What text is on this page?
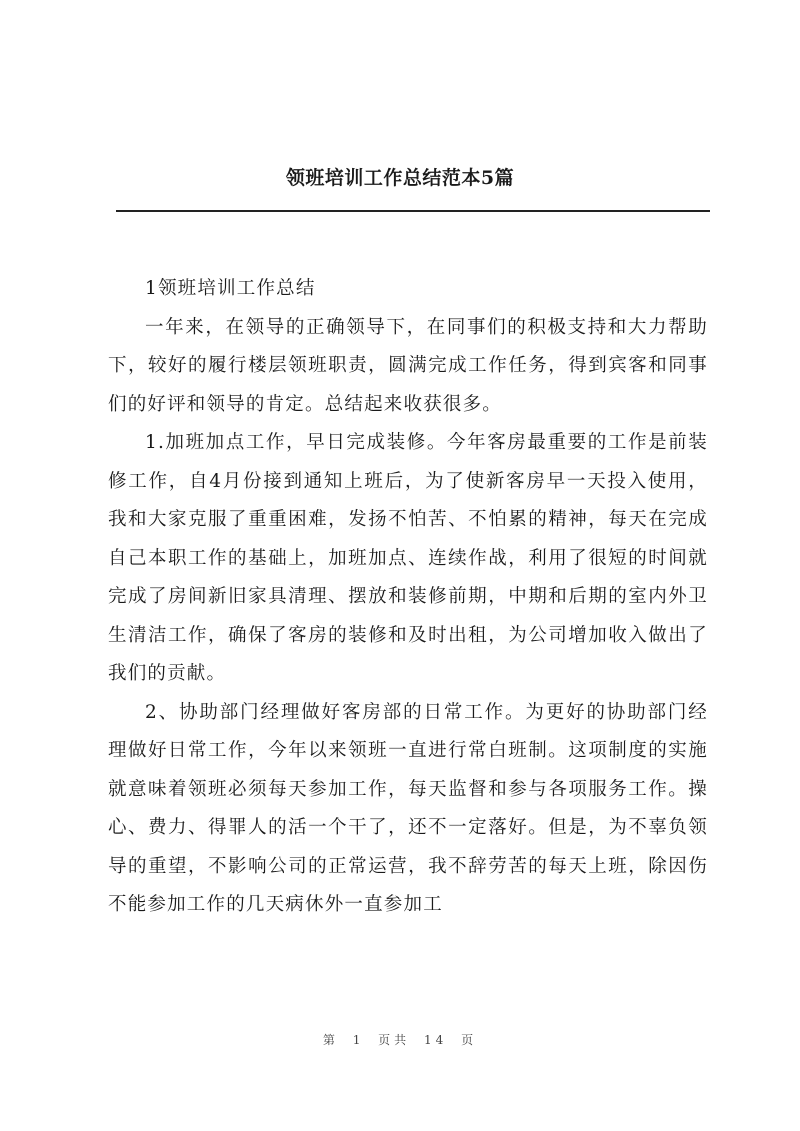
领班培训工作总结范本5篇

1领班培训工作总结

一年来，在领导的正确领导下，在同事们的积极支持和大力帮助下，较好的履行楼层领班职责，圆满完成工作任务，得到宾客和同事们的好评和领导的肯定。总结起来收获很多。

1.加班加点工作，早日完成装修。今年客房最重要的工作是前装修工作，自4月份接到通知上班后，为了使新客房早一天投入使用，我和大家克服了重重困难，发扬不怕苦、不怕累的精神，每天在完成自己本职工作的基础上，加班加点、连续作战，利用了很短的时间就完成了房间新旧家具清理、摆放和装修前期，中期和后期的室内外卫生清洁工作，确保了客房的装修和及时出租，为公司增加收入做出了我们的贡献。

2、协助部门经理做好客房部的日常工作。为更好的协助部门经理做好日常工作，今年以来领班一直进行常白班制。这项制度的实施就意味着领班必须每天参加工作，每天监督和参与各项服务工作。操心、费力、得罪人的活一个干了，还不一定落好。但是，为不辜负领导的重望，不影响公司的正常运营，我不辞劳苦的每天上班，除因伤不能参加工作的几天病休外一直参加工

第 1 页共 14 页
